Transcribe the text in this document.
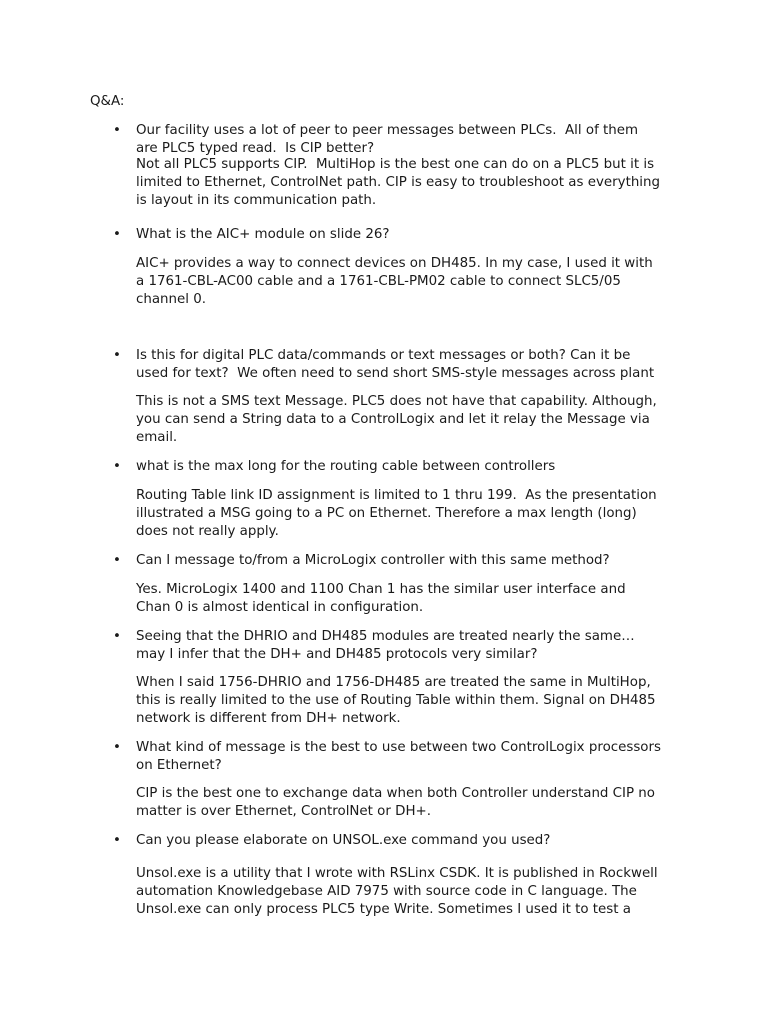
Q&A:

• Our facility uses a lot of peer to peer messages between PLCs.  All of them
are PLC5 typed read.  Is CIP better?

Not all PLC5 supports CIP.  MultiHop is the best one can do on a PLC5 but it is
limited to Ethernet, ControlNet path. CIP is easy to troubleshoot as everything
is layout in its communication path.

• What is the AIC+ module on slide 26?

AIC+ provides a way to connect devices on DH485. In my case, I used it with
a 1761-CBL-AC00 cable and a 1761-CBL-PM02 cable to connect SLC5/05
channel 0.

• Is this for digital PLC data/commands or text messages or both? Can it be
used for text?  We often need to send short SMS-style messages across plant

This is not a SMS text Message. PLC5 does not have that capability. Although,
you can send a String data to a ControlLogix and let it relay the Message via
email.

• what is the max long for the routing cable between controllers

Routing Table link ID assignment is limited to 1 thru 199.  As the presentation
illustrated a MSG going to a PC on Ethernet. Therefore a max length (long)
does not really apply.

• Can I message to/from a MicroLogix controller with this same method?

Yes. MicroLogix 1400 and 1100 Chan 1 has the similar user interface and
Chan 0 is almost identical in configuration.

• Seeing that the DHRIO and DH485 modules are treated nearly the same…
may I infer that the DH+ and DH485 protocols very similar?

When I said 1756-DHRIO and 1756-DH485 are treated the same in MultiHop,
this is really limited to the use of Routing Table within them. Signal on DH485
network is different from DH+ network.

• What kind of message is the best to use between two ControlLogix processors
on Ethernet?

CIP is the best one to exchange data when both Controller understand CIP no
matter is over Ethernet, ControlNet or DH+.

• Can you please elaborate on UNSOL.exe command you used?

Unsol.exe is a utility that I wrote with RSLinx CSDK. It is published in Rockwell
automation Knowledgebase AID 7975 with source code in C language. The
Unsol.exe can only process PLC5 type Write. Sometimes I used it to test a
